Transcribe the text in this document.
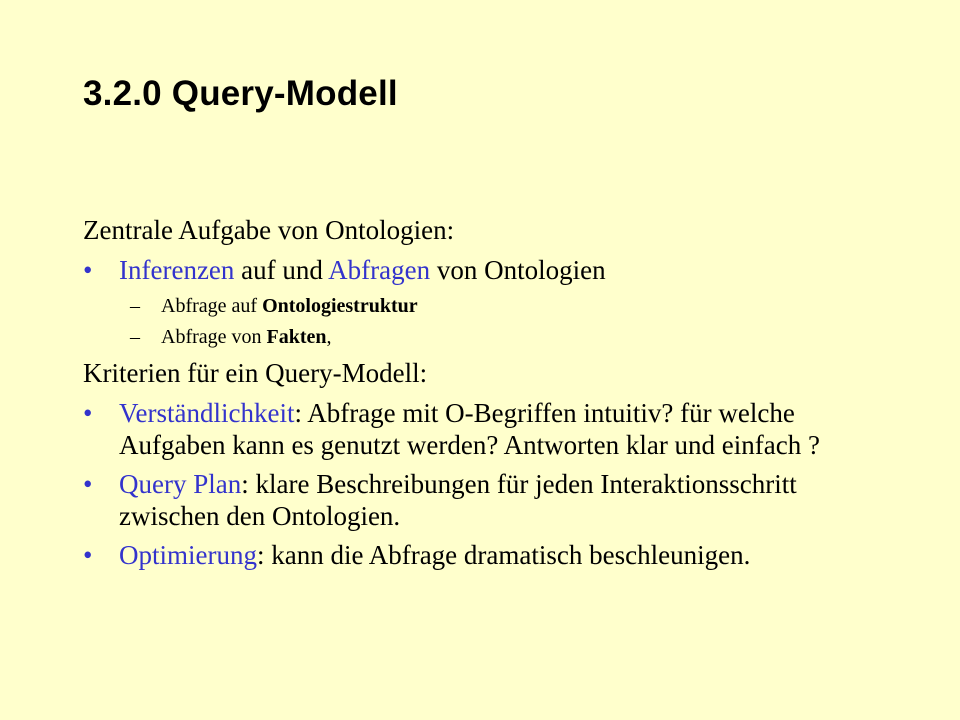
3.2.0 Query-Modell
Zentrale Aufgabe von Ontologien:
• Inferenzen auf und Abfragen von Ontologien
– Abfrage auf Ontologiestruktur
– Abfrage von Fakten,
Kriterien für ein Query-Modell:
• Verständlichkeit: Abfrage mit O-Begriffen intuitiv? für welche Aufgaben kann es genutzt werden? Antworten klar und einfach ?
• Query Plan: klare Beschreibungen für jeden Interaktionsschritt zwischen den Ontologien.
• Optimierung: kann die Abfrage dramatisch beschleunigen.
